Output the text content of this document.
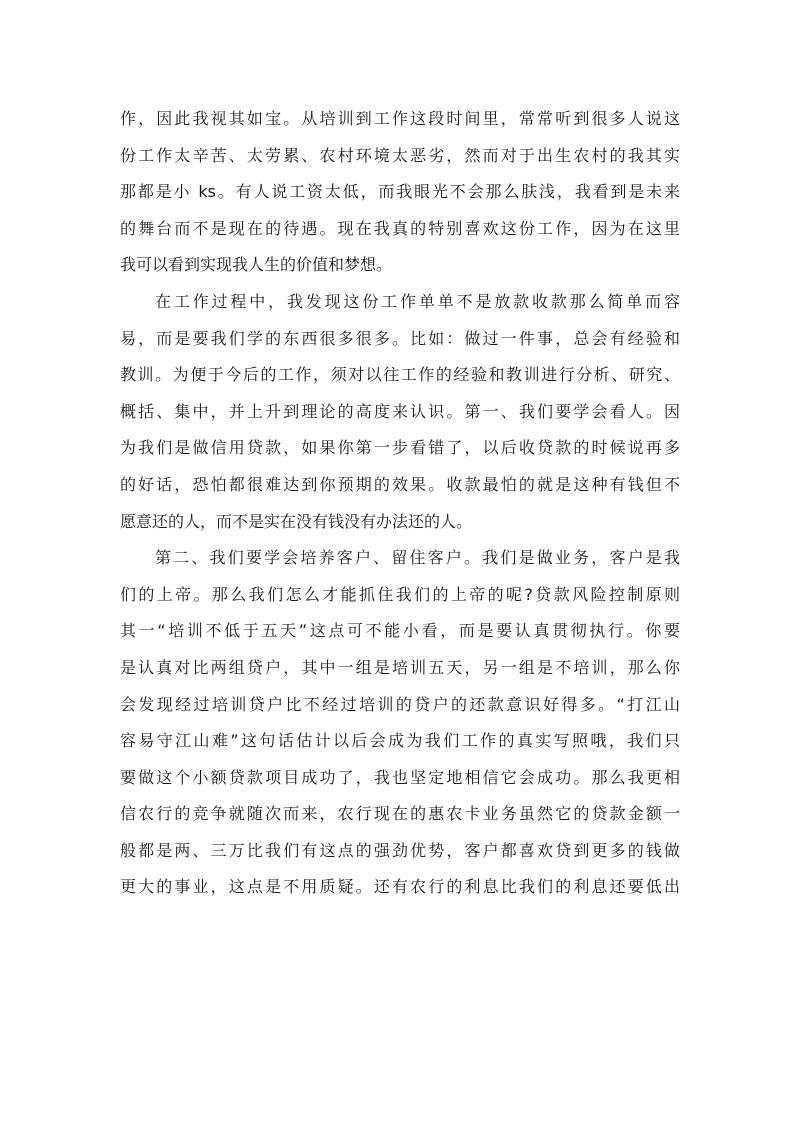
作，因此我视其如宝。从培训到工作这段时间里，常常听到很多人说这
份工作太辛苦、太劳累、农村环境太恶劣，然而对于出生农村的我其实
那都是小 ks。有人说工资太低，而我眼光不会那么肤浅，我看到是未来
的舞台而不是现在的待遇。现在我真的特别喜欢这份工作，因为在这里
我可以看到实现我人生的价值和梦想。
在工作过程中，我发现这份工作单单不是放款收款那么简单而容
易，而是要我们学的东西很多很多。比如：做过一件事，总会有经验和
教训。为便于今后的工作，须对以往工作的经验和教训进行分析、研究、
概括、集中，并上升到理论的高度来认识。第一、我们要学会看人。因
为我们是做信用贷款，如果你第一步看错了，以后收贷款的时候说再多
的好话，恐怕都很难达到你预期的效果。收款最怕的就是这种有钱但不
愿意还的人，而不是实在没有钱没有办法还的人。
第二、我们要学会培养客户、留住客户。我们是做业务，客户是我
们的上帝。那么我们怎么才能抓住我们的上帝的呢?贷款风险控制原则
其一“培训不低于五天”这点可不能小看，而是要认真贯彻执行。你要
是认真对比两组贷户，其中一组是培训五天，另一组是不培训，那么你
会发现经过培训贷户比不经过培训的贷户的还款意识好得多。“打江山
容易守江山难”这句话估计以后会成为我们工作的真实写照哦，我们只
要做这个小额贷款项目成功了，我也坚定地相信它会成功。那么我更相
信农行的竞争就随次而来，农行现在的惠农卡业务虽然它的贷款金额一
般都是两、三万比我们有这点的强劲优势，客户都喜欢贷到更多的钱做
更大的事业，这点是不用质疑。还有农行的利息比我们的利息还要低出
